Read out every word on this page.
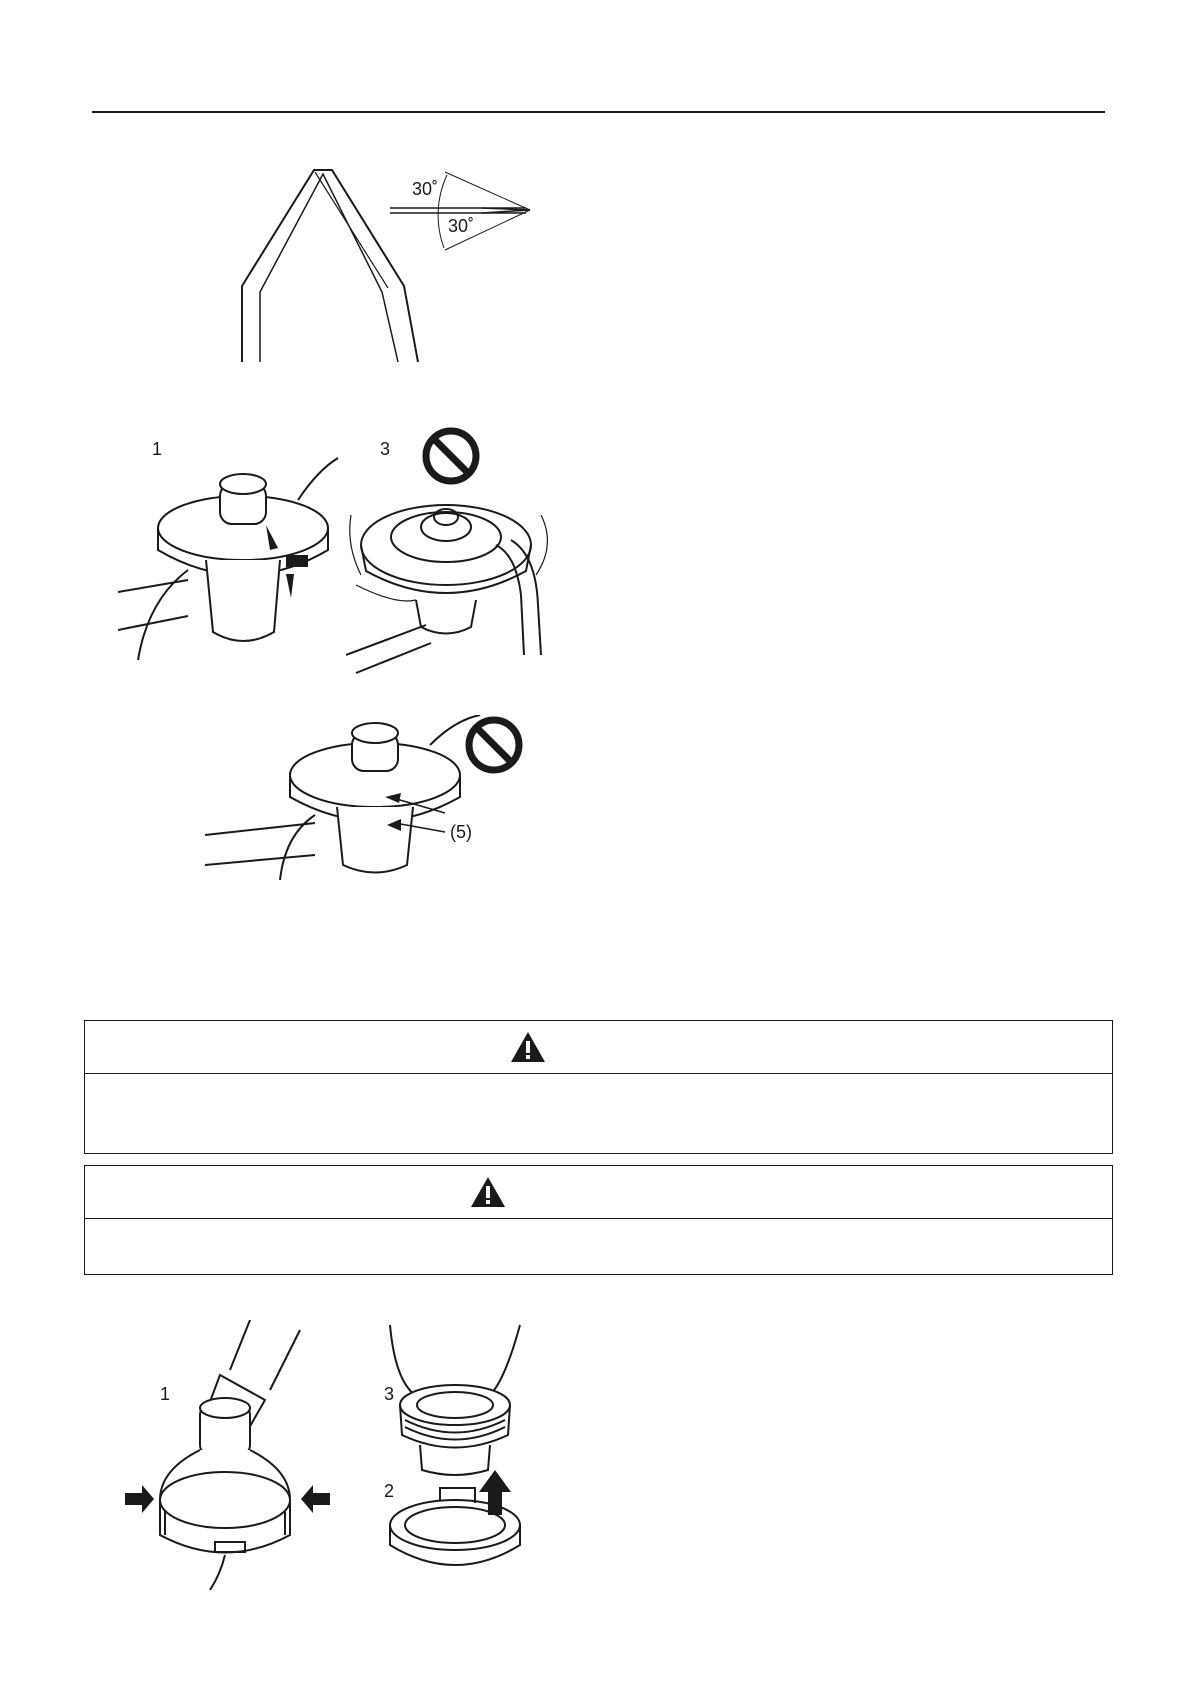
30˚
30˚
1	3
(5)
1	3
2
